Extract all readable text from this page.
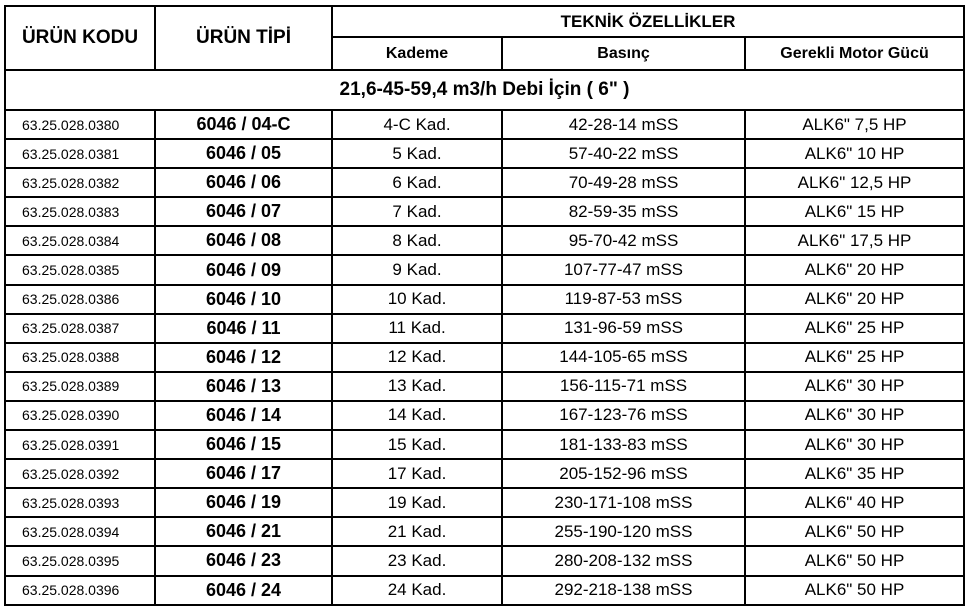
ÜRÜN KODU	ÜRÜN TİPİ	TEKNİK ÖZELLİKLER		
		Kademe	Basınç	Gerekli Motor Gücü
21,6-45-59,4 m3/h Debi İçin ( 6" )				
63.25.028.0380	6046 / 04-C	4-C Kad.	42-28-14 mSS	ALK6" 7,5 HP
63.25.028.0381	6046 / 05	5 Kad.	57-40-22 mSS	ALK6" 10 HP
63.25.028.0382	6046 / 06	6 Kad.	70-49-28 mSS	ALK6" 12,5 HP
63.25.028.0383	6046 / 07	7 Kad.	82-59-35 mSS	ALK6" 15 HP
63.25.028.0384	6046 / 08	8 Kad.	95-70-42 mSS	ALK6" 17,5 HP
63.25.028.0385	6046 / 09	9 Kad.	107-77-47 mSS	ALK6" 20 HP
63.25.028.0386	6046 / 10	10 Kad.	119-87-53 mSS	ALK6" 20 HP
63.25.028.0387	6046 / 11	11 Kad.	131-96-59 mSS	ALK6" 25 HP
63.25.028.0388	6046 / 12	12 Kad.	144-105-65 mSS	ALK6" 25 HP
63.25.028.0389	6046 / 13	13 Kad.	156-115-71 mSS	ALK6" 30 HP
63.25.028.0390	6046 / 14	14 Kad.	167-123-76 mSS	ALK6" 30 HP
63.25.028.0391	6046 / 15	15 Kad.	181-133-83 mSS	ALK6" 30 HP
63.25.028.0392	6046 / 17	17 Kad.	205-152-96 mSS	ALK6" 35 HP
63.25.028.0393	6046 / 19	19 Kad.	230-171-108 mSS	ALK6" 40 HP
63.25.028.0394	6046 / 21	21 Kad.	255-190-120 mSS	ALK6" 50 HP
63.25.028.0395	6046 / 23	23 Kad.	280-208-132 mSS	ALK6" 50 HP
63.25.028.0396	6046 / 24	24 Kad.	292-218-138 mSS	ALK6" 50 HP
